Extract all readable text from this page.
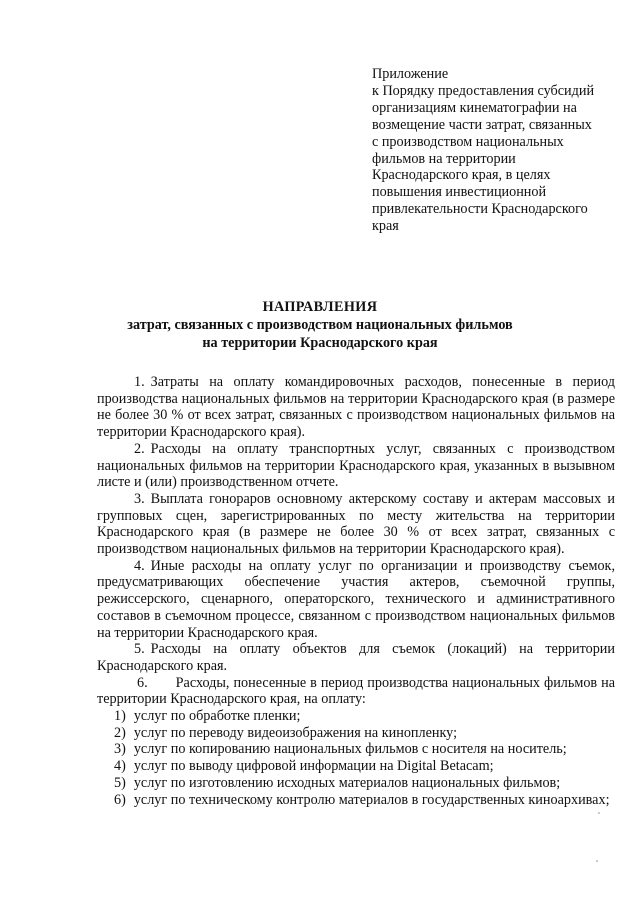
Приложение
к Порядку предоставления субсидий
организациям кинематографии на
возмещение части затрат, связанных
с производством национальных
фильмов на территории
Краснодарского края, в целях
повышения инвестиционной
привлекательности Краснодарского
края
НАПРАВЛЕНИЯ
затрат, связанных с производством национальных фильмов
на территории Краснодарского края

1. Затраты на оплату командировочных расходов, понесенные в период производства национальных фильмов на территории Краснодарского края (в размере не более 30 % от всех затрат, связанных с производством национальных фильмов на территории Краснодарского края).

2. Расходы на оплату транспортных услуг, связанных с производством национальных фильмов на территории Краснодарского края, указанных в вызывном листе и (или) производственном отчете.

3. Выплата гонораров основному актерскому составу и актерам массовых и групповых сцен, зарегистрированных по месту жительства на территории Краснодарского края (в размере не более 30 % от всех затрат, связанных с производством национальных фильмов на территории Краснодарского края).

4. Иные расходы на оплату услуг по организации и производству съемок, предусматривающих обеспечение участия актеров, съемочной группы, режиссерского, сценарного, операторского, технического и административного составов в съемочном процессе, связанном с производством национальных фильмов на территории Краснодарского края.

5. Расходы на оплату объектов для съемок (локаций) на территории Краснодарского края.

6. Расходы, понесенные в период производства национальных фильмов на территории Краснодарского края, на оплату:

1) услуг по обработке пленки;

2) услуг по переводу видеоизображения на кинопленку;

3) услуг по копированию национальных фильмов с носителя на носитель;

4) услуг по выводу цифровой информации на Digital Betacam;

5) услуг по изготовлению исходных материалов национальных фильмов;

6) услуг по техническому контролю материалов в государственных киноархивах;
